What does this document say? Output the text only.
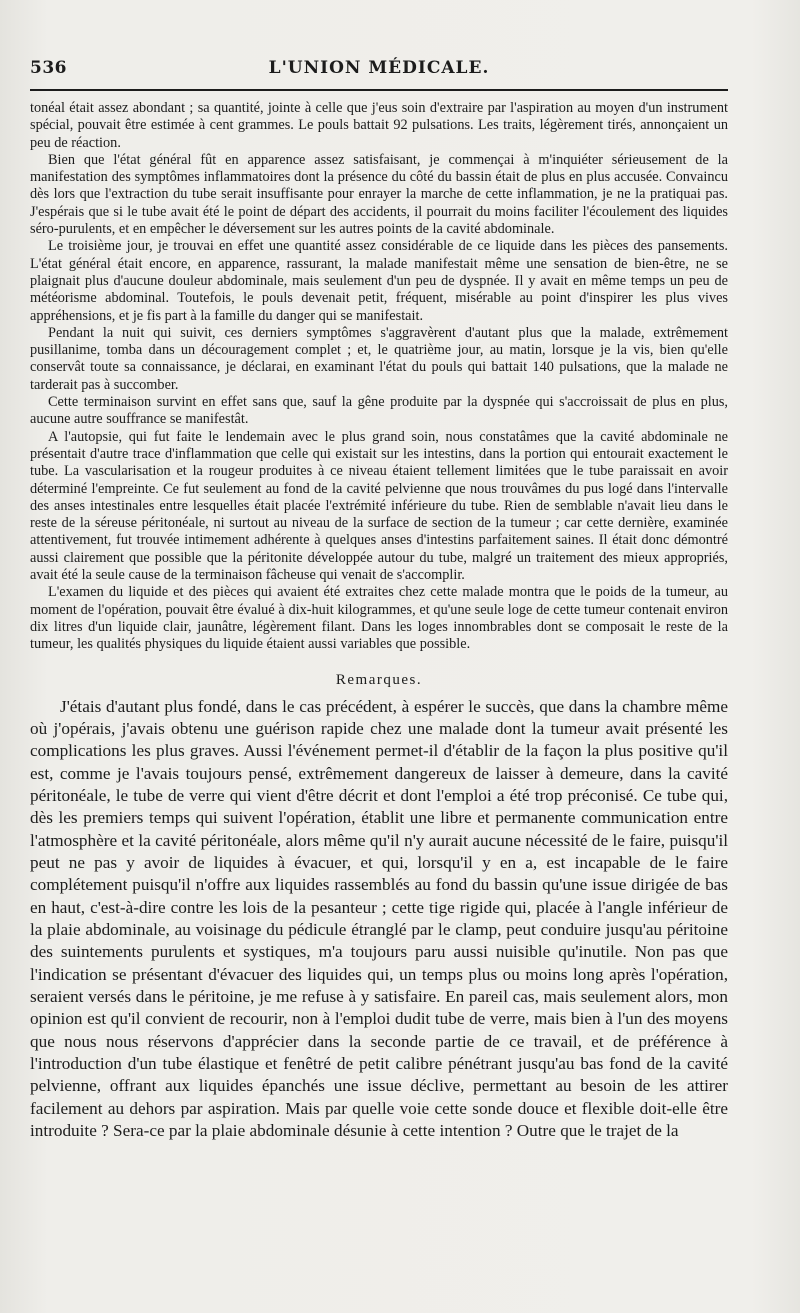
536	L'UNION MÉDICALE.

tonéal était assez abondant ; sa quantité, jointe à celle que j'eus soin d'extraire par l'aspiration au moyen d'un instrument spécial, pouvait être estimée à cent grammes. Le pouls battait 92 pulsations. Les traits, légèrement tirés, annonçaient un peu de réaction.

Bien que l'état général fût en apparence assez satisfaisant, je commençai à m'inquiéter sérieusement de la manifestation des symptômes inflammatoires dont la présence du côté du bassin était de plus en plus accusée. Convaincu dès lors que l'extraction du tube serait insuffisante pour enrayer la marche de cette inflammation, je ne la pratiquai pas. J'espérais que si le tube avait été le point de départ des accidents, il pourrait du moins faciliter l'écoulement des liquides séro-purulents, et en empêcher le déversement sur les autres points de la cavité abdominale.

Le troisième jour, je trouvai en effet une quantité assez considérable de ce liquide dans les pièces des pansements. L'état général était encore, en apparence, rassurant, la malade manifestait même une sensation de bien-être, ne se plaignait plus d'aucune douleur abdominale, mais seulement d'un peu de dyspnée. Il y avait en même temps un peu de météorisme abdominal. Toutefois, le pouls devenait petit, fréquent, misérable au point d'inspirer les plus vives appréhensions, et je fis part à la famille du danger qui se manifestait.

Pendant la nuit qui suivit, ces derniers symptômes s'aggravèrent d'autant plus que la malade, extrêmement pusillanime, tomba dans un découragement complet ; et, le quatrième jour, au matin, lorsque je la vis, bien qu'elle conservât toute sa connaissance, je déclarai, en examinant l'état du pouls qui battait 140 pulsations, que la malade ne tarderait pas à succomber.

Cette terminaison survint en effet sans que, sauf la gêne produite par la dyspnée qui s'accroissait de plus en plus, aucune autre souffrance se manifestât.

A l'autopsie, qui fut faite le lendemain avec le plus grand soin, nous constatâmes que la cavité abdominale ne présentait d'autre trace d'inflammation que celle qui existait sur les intestins, dans la portion qui entourait exactement le tube. La vascularisation et la rougeur produites à ce niveau étaient tellement limitées que le tube paraissait en avoir déterminé l'empreinte. Ce fut seulement au fond de la cavité pelvienne que nous trouvâmes du pus logé dans l'intervalle des anses intestinales entre lesquelles était placée l'extrémité inférieure du tube. Rien de semblable n'avait lieu dans le reste de la séreuse péritonéale, ni surtout au niveau de la surface de section de la tumeur ; car cette dernière, examinée attentivement, fut trouvée intimement adhérente à quelques anses d'intestins parfaitement saines. Il était donc démontré aussi clairement que possible que la péritonite développée autour du tube, malgré un traitement des mieux appropriés, avait été la seule cause de la terminaison fâcheuse qui venait de s'accomplir.

L'examen du liquide et des pièces qui avaient été extraites chez cette malade montra que le poids de la tumeur, au moment de l'opération, pouvait être évalué à dix-huit kilogrammes, et qu'une seule loge de cette tumeur contenait environ dix litres d'un liquide clair, jaunâtre, légèrement filant. Dans les loges innombrables dont se composait le reste de la tumeur, les qualités physiques du liquide étaient aussi variables que possible.

Remarques.

J'étais d'autant plus fondé, dans le cas précédent, à espérer le succès, que dans la chambre même où j'opérais, j'avais obtenu une guérison rapide chez une malade dont la tumeur avait présenté les complications les plus graves. Aussi l'événement permet-il d'établir de la façon la plus positive qu'il est, comme je l'avais toujours pensé, extrêmement dangereux de laisser à demeure, dans la cavité péritonéale, le tube de verre qui vient d'être décrit et dont l'emploi a été trop préconisé. Ce tube qui, dès les premiers temps qui suivent l'opération, établit une libre et permanente communication entre l'atmosphère et la cavité péritonéale, alors même qu'il n'y aurait aucune nécessité de le faire, puisqu'il peut ne pas y avoir de liquides à évacuer, et qui, lorsqu'il y en a, est incapable de le faire complétement puisqu'il n'offre aux liquides rassemblés au fond du bassin qu'une issue dirigée de bas en haut, c'est-à-dire contre les lois de la pesanteur ; cette tige rigide qui, placée à l'angle inférieur de la plaie abdominale, au voisinage du pédicule étranglé par le clamp, peut conduire jusqu'au péritoine des suintements purulents et systiques, m'a toujours paru aussi nuisible qu'inutile. Non pas que l'indication se présentant d'évacuer des liquides qui, un temps plus ou moins long après l'opération, seraient versés dans le péritoine, je me refuse à y satisfaire. En pareil cas, mais seulement alors, mon opinion est qu'il convient de recourir, non à l'emploi dudit tube de verre, mais bien à l'un des moyens que nous nous réservons d'apprécier dans la seconde partie de ce travail, et de préférence à l'introduction d'un tube élastique et fenêtré de petit calibre pénétrant jusqu'au bas fond de la cavité pelvienne, offrant aux liquides épanchés une issue déclive, permettant au besoin de les attirer facilement au dehors par aspiration. Mais par quelle voie cette sonde douce et flexible doit-elle être introduite ? Sera-ce par la plaie abdominale désunie à cette intention ? Outre que le trajet de la
